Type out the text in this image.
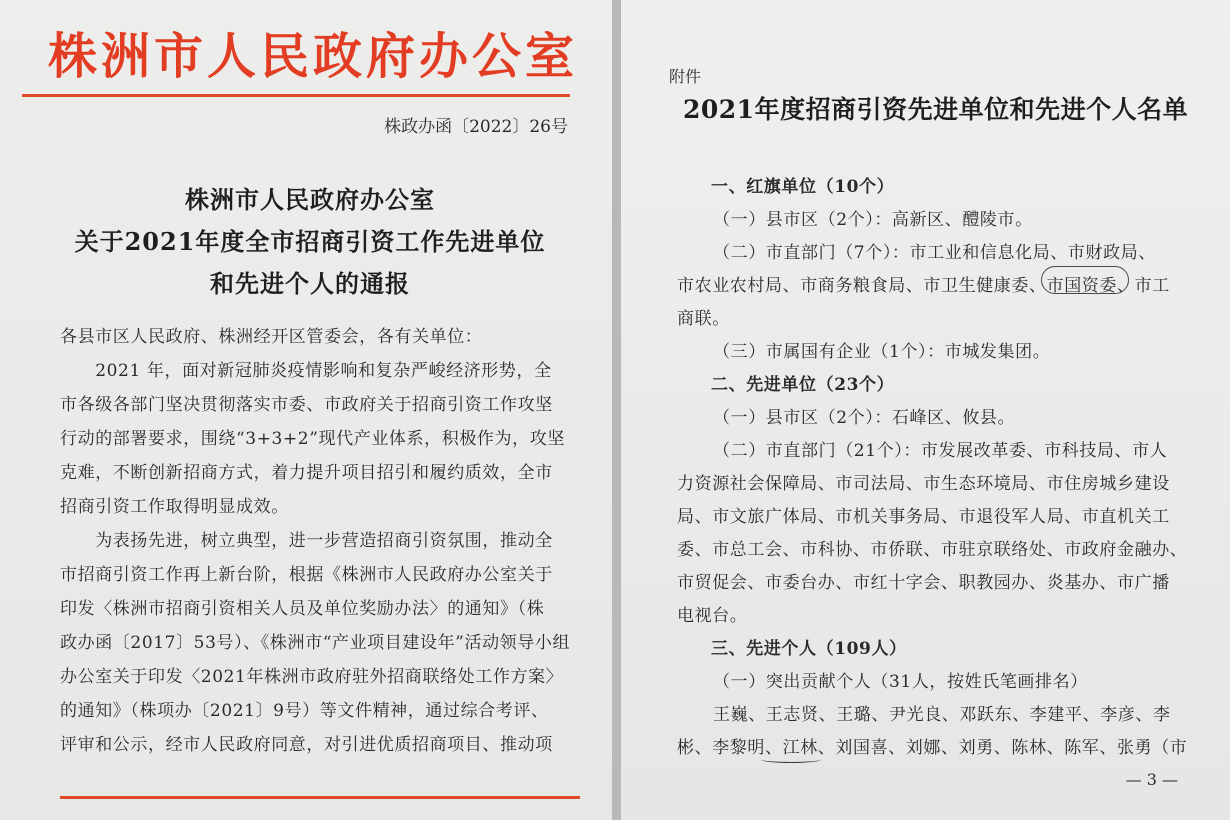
株洲市人民政府办公室
株政办函〔2022〕26号
株洲市人民政府办公室
关于2021年度全市招商引资工作先进单位
和先进个人的通报
各县市区人民政府、株洲经开区管委会，各有关单位：
　　2021 年，面对新冠肺炎疫情影响和复杂严峻经济形势，全
市各级各部门坚决贯彻落实市委、市政府关于招商引资工作攻坚
行动的部署要求，围绕“3+3+2”现代产业体系，积极作为，攻坚
克难，不断创新招商方式，着力提升项目招引和履约质效，全市
招商引资工作取得明显成效。
　　为表扬先进，树立典型，进一步营造招商引资氛围，推动全
市招商引资工作再上新台阶，根据《株洲市人民政府办公室关于
印发〈株洲市招商引资相关人员及单位奖励办法〉的通知》（株
政办函〔2017〕53号）、《株洲市“产业项目建设年”活动领导小组
办公室关于印发〈2021年株洲市政府驻外招商联络处工作方案〉
的通知》（株项办〔2021〕9号）等文件精神，通过综合考评、
评审和公示，经市人民政府同意，对引进优质招商项目、推动项
附件
2021年度招商引资先进单位和先进个人名单
一、红旗单位（10个）
（一）县市区（2个）：高新区、醴陵市。
（二）市直部门（7个）：市工业和信息化局、市财政局、
市农业农村局、市商务粮食局、市卫生健康委、市国资委、市工
商联。
（三）市属国有企业（1个）：市城发集团。
二、先进单位（23个）
（一）县市区（2个）：石峰区、攸县。
（二）市直部门（21个）：市发展改革委、市科技局、市人
力资源社会保障局、市司法局、市生态环境局、市住房城乡建设
局、市文旅广体局、市机关事务局、市退役军人局、市直机关工
委、市总工会、市科协、市侨联、市驻京联络处、市政府金融办、
市贸促会、市委台办、市红十字会、职教园办、炎基办、市广播
电视台。
三、先进个人（109人）
（一）突出贡献个人（31人，按姓氏笔画排名）
王巍、王志贤、王璐、尹光良、邓跃东、李建平、李彦、李
彬、李黎明、江林、刘国喜、刘娜、刘勇、陈林、陈军、张勇（市
— 3 —
